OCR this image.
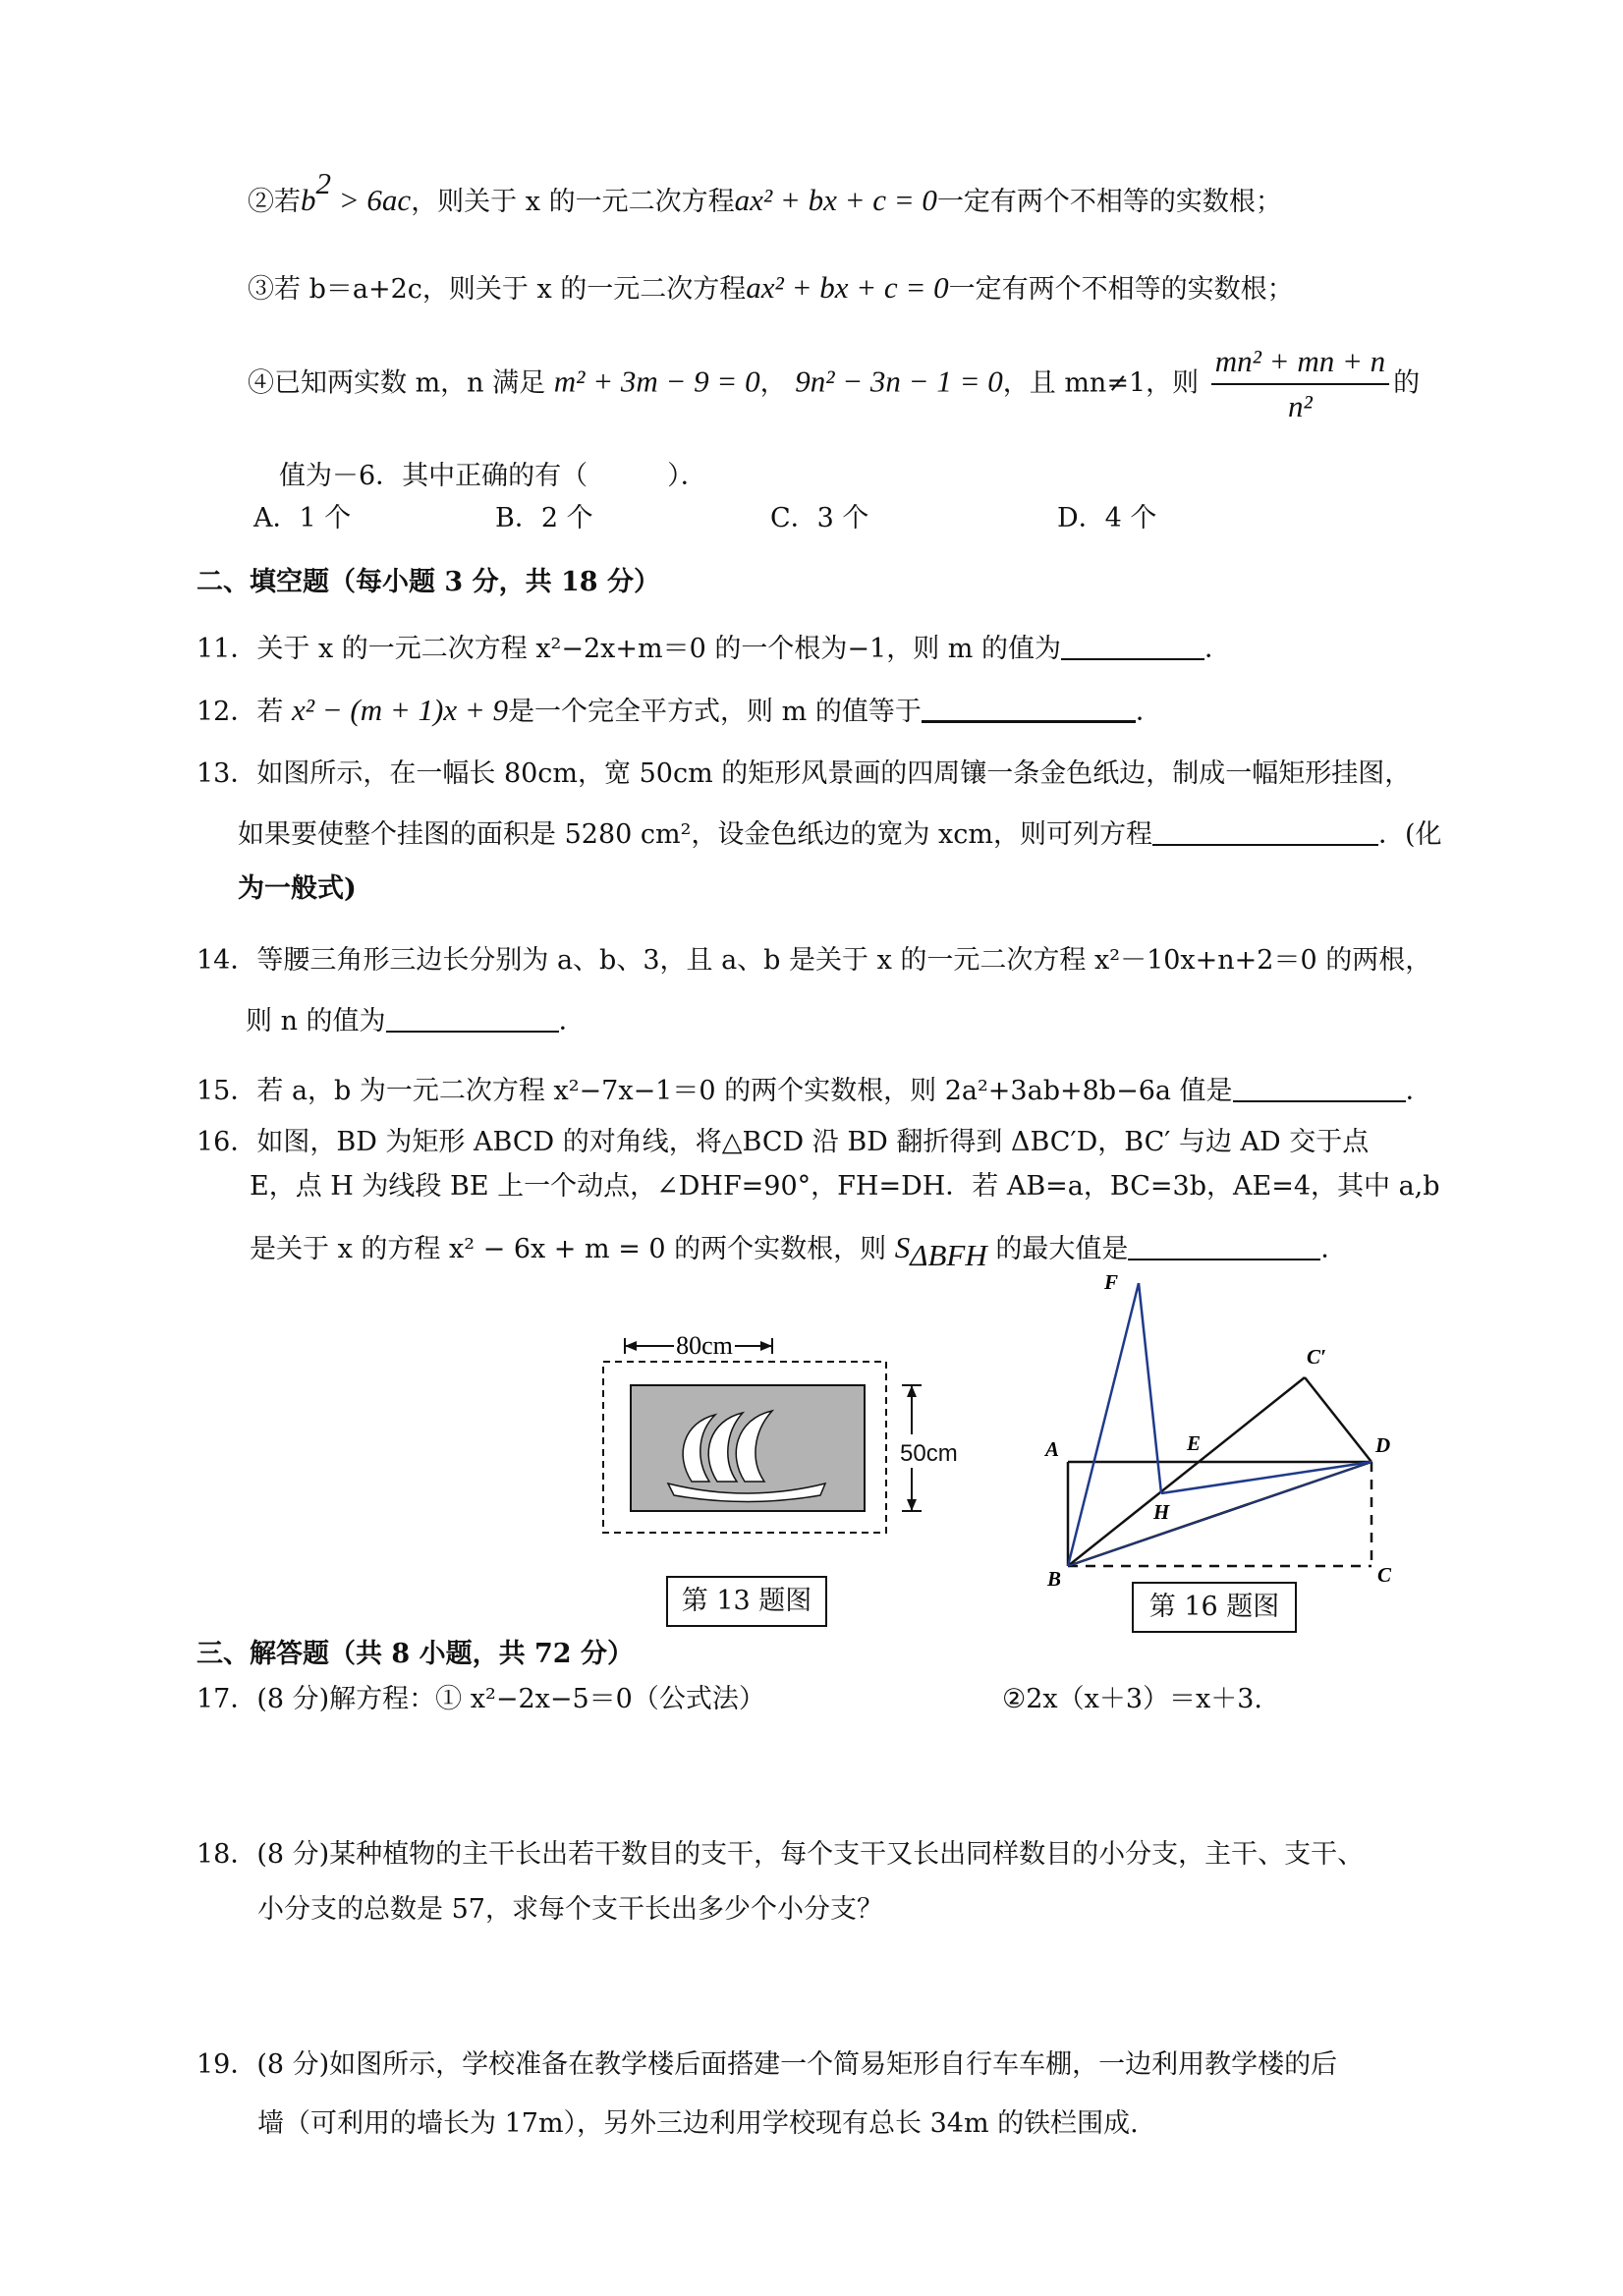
②若$b^2 > 6ac$，则关于 x 的一元二次方程ax² + bx + c = 0一定有两个不相等的实数根；
③若 b＝a+2c，则关于 x 的一元二次方程ax² + bx + c = 0一定有两个不相等的实数根；
④已知两实数 m，n 满足 m² + 3m − 9 = 0， 9n² − 3n − 1 = 0，且 mn≠1，则 $\frac{\text{mn² + mn + n}}{\text{n²}}$ 的
值为－6．其中正确的有（　　　）．
A．1 个	B．2 个	C．3 个	D．4 个
二、填空题（每小题 3 分，共 18 分）
11．关于 x 的一元二次方程 x²−2x+m＝0 的一个根为−1，则 m 的值为	．
12．若 x² − (m + 1)x + 9是一个完全平方式，则 m 的值等于	．
13．如图所示，在一幅长 80cm，宽 50cm 的矩形风景画的四周镶一条金色纸边，制成一幅矩形挂图，
如果要使整个挂图的面积是 5280 cm²，设金色纸边的宽为 xcm，则可列方程	．(化
为一般式)
14．等腰三角形三边长分别为 a、b、3，且 a、b 是关于 x 的一元二次方程 x²－10x+n+2＝0 的两根，
则 n 的值为	．
15．若 a，b 为一元二次方程 x²−7x−1＝0 的两个实数根，则 2a²+3ab+8b−6a 值是	．
16．如图，BD 为矩形 ABCD 的对角线，将△BCD 沿 BD 翻折得到 ΔBC′D，BC′ 与边 AD 交于点
E，点 H 为线段 BE 上一个动点，∠DHF=90°，FH=DH．若 AB=a，BC=3b，AE=4，其中 a,b
是关于 x 的方程 x² − 6x + m = 0 的两个实数根，则 $S_{\Delta BFH}$ 的最大值是	．
80cm
50cm
第 13 题图
F
C′
A	E	D
H
B	C
第 16 题图
三、解答题（共 8 小题，共 72 分）
17．(8 分)解方程：① x²−2x−5＝0（公式法）	②2x（x＋3）＝x＋3.
18．(8 分)某种植物的主干长出若干数目的支干，每个支干又长出同样数目的小分支，主干、支干、
小分支的总数是 57，求每个支干长出多少个小分支？
19．(8 分)如图所示，学校准备在教学楼后面搭建一个简易矩形自行车车棚，一边利用教学楼的后
墙（可利用的墙长为 17m），另外三边利用学校现有总长 34m 的铁栏围成.
